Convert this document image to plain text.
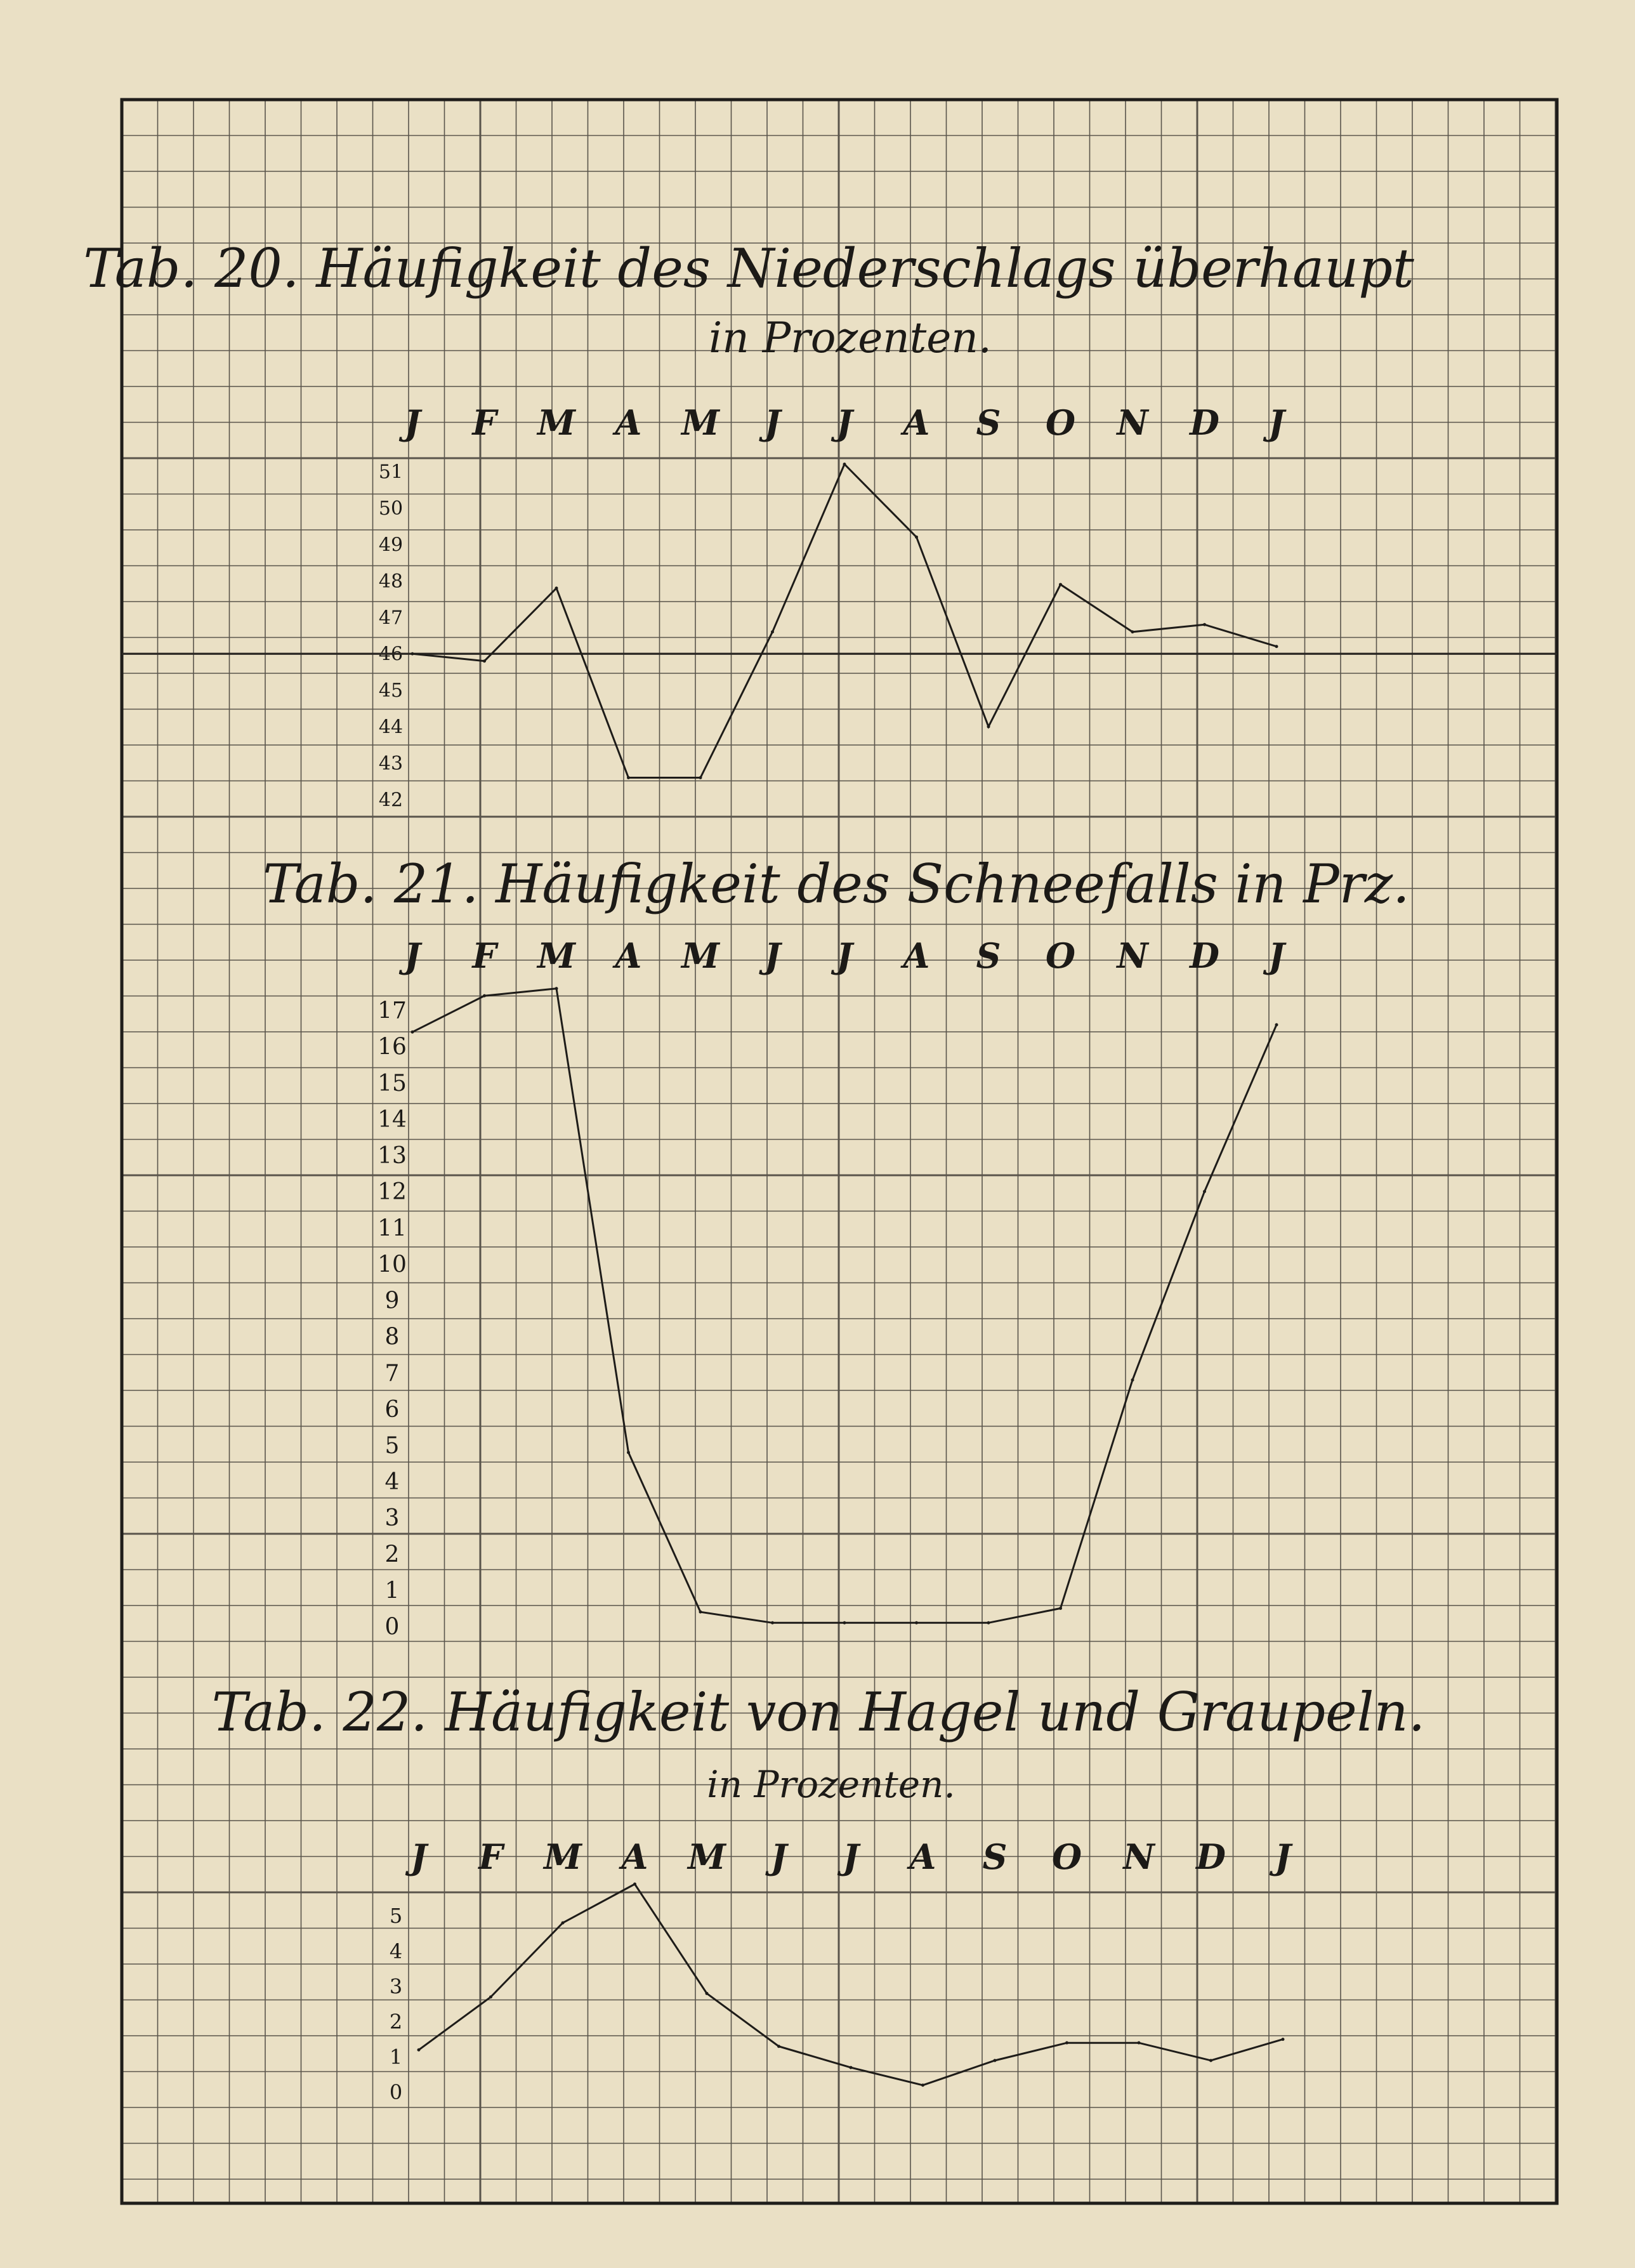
Tab. 20. Häufigkeit des Niederschlags überhaupt
in Prozenten.
J F M A M J J A S O N D J
42
43
44
45
46
47
48
49
50
51
Tab. 21. Häufigkeit des Schneefalls in Prz.
J F M A M J J A S O N D J
0
1
2
3
4
5
6
7
8
9
10
11
12
13
14
15
16
17
Tab. 22. Häufigkeit von Hagel und Graupeln.
in Prozenten.
J F M A M J J A S O N D J
0
1
2
3
4
5
